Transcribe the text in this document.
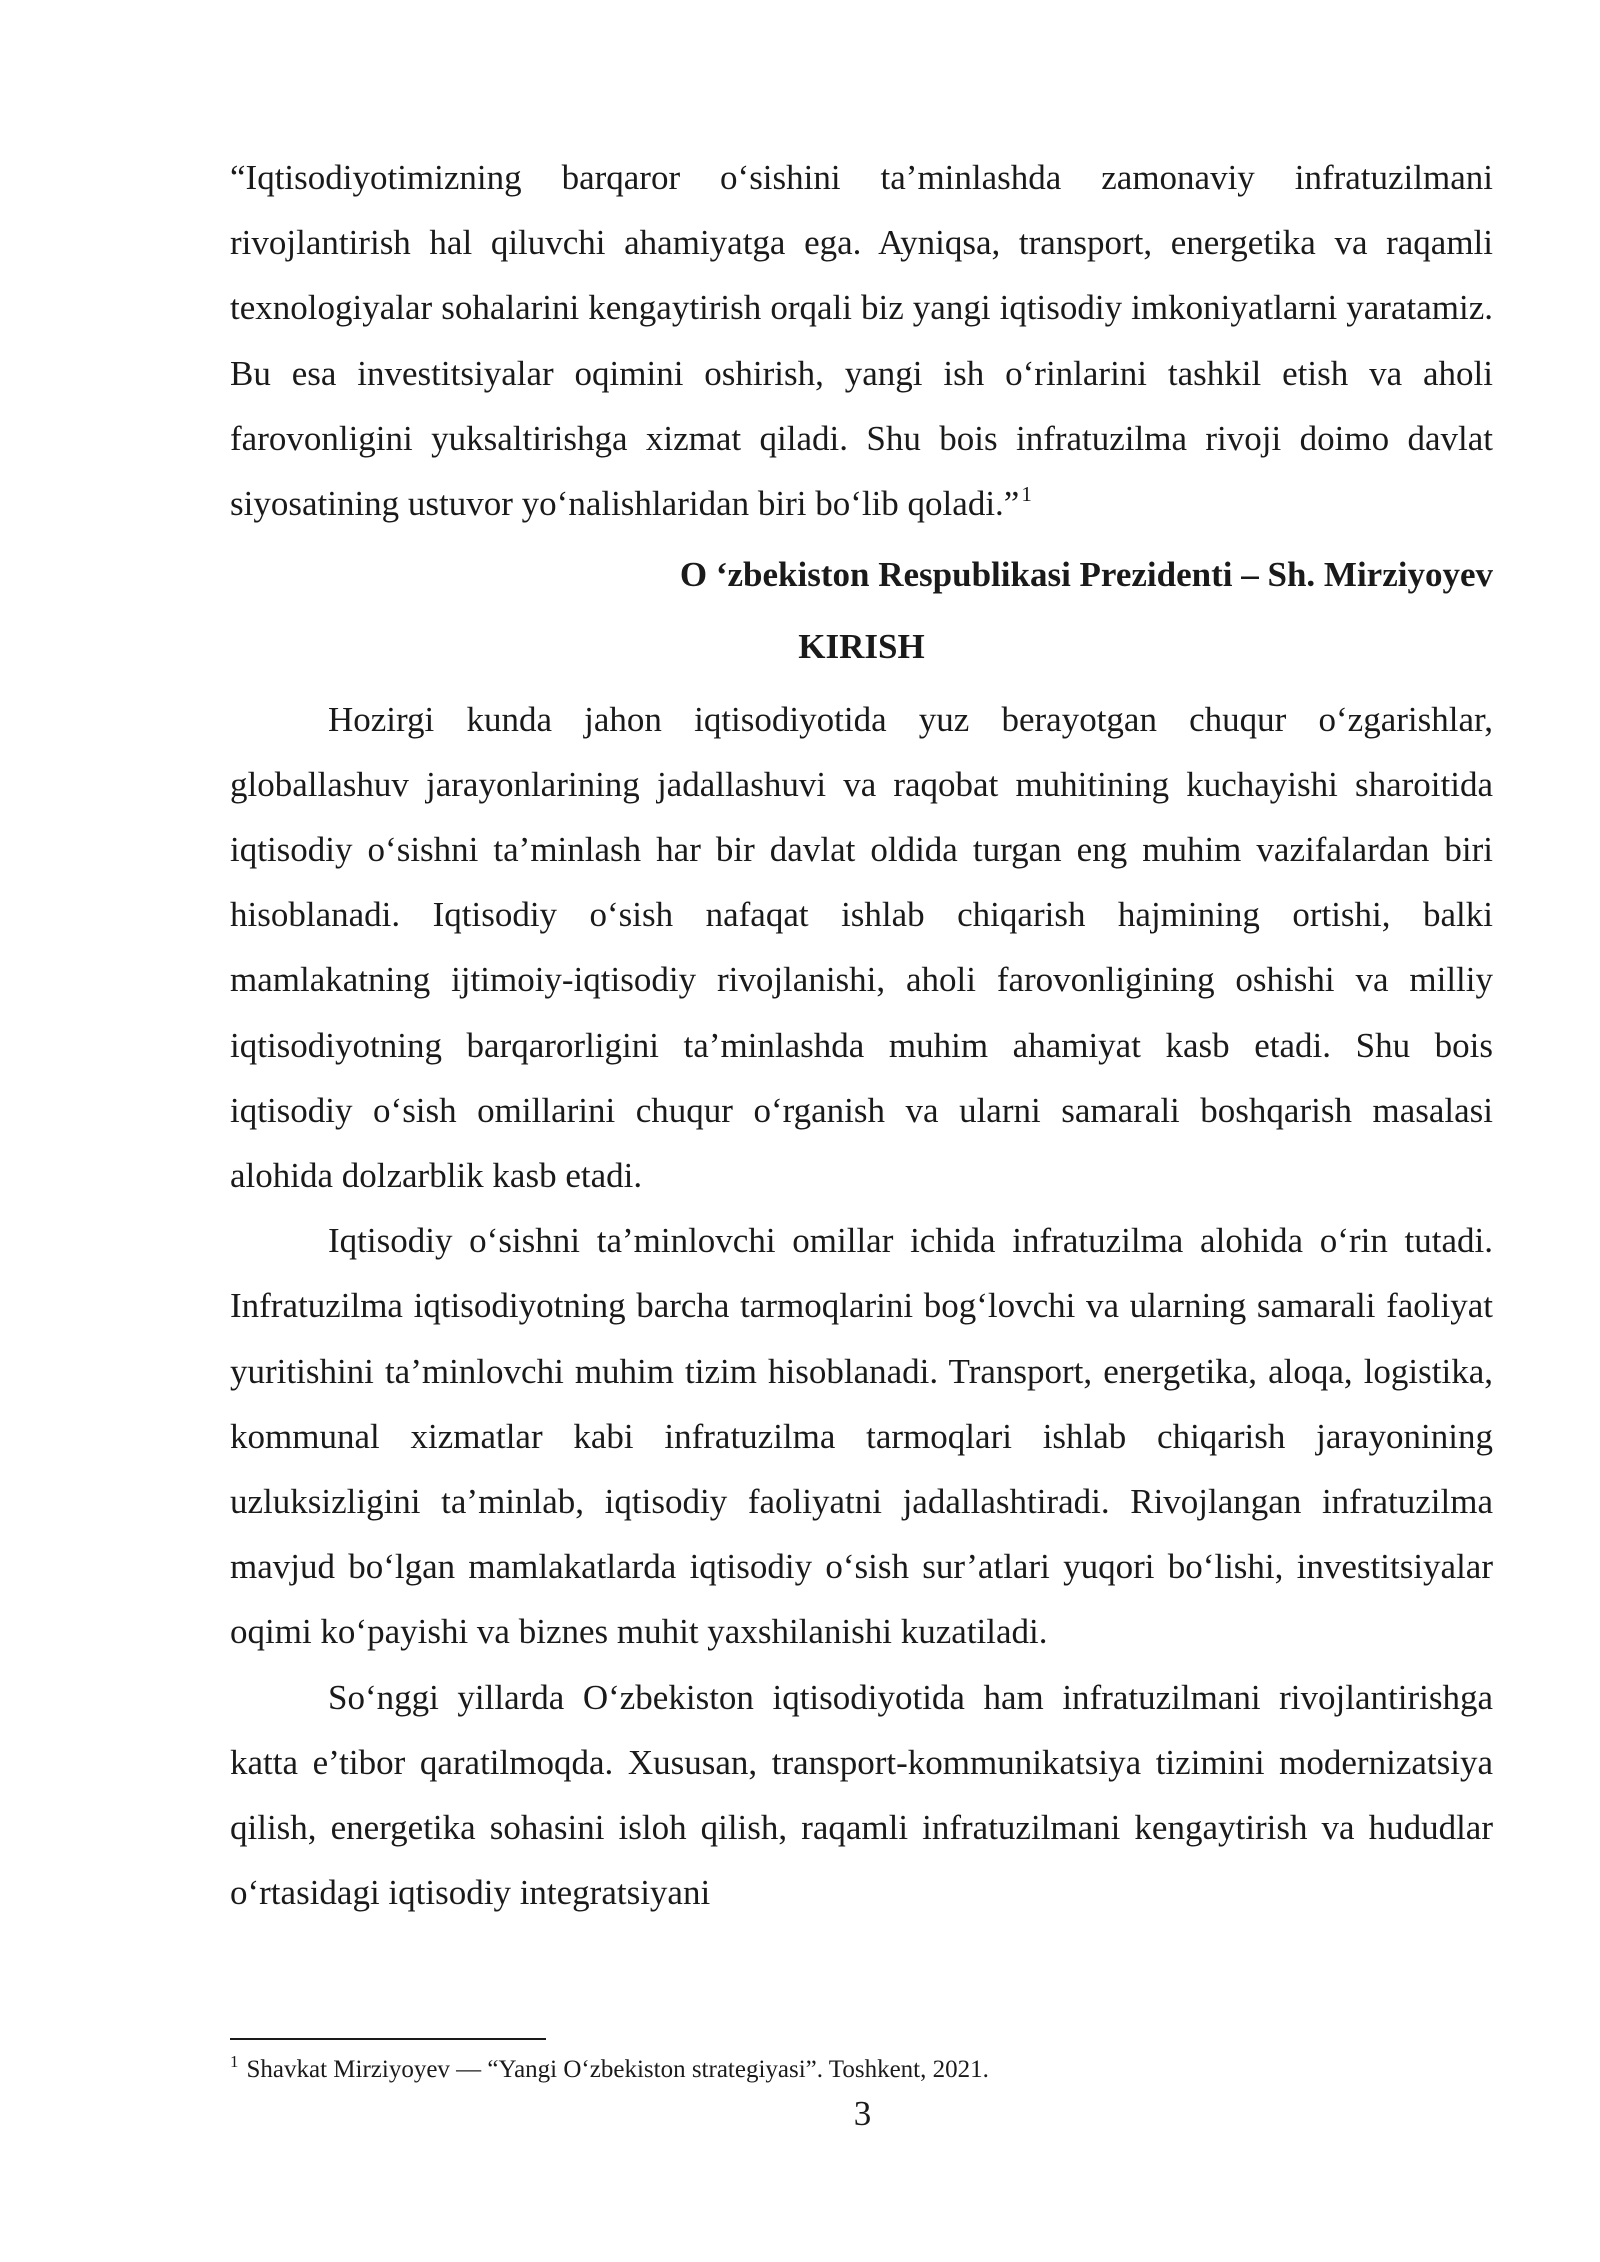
“Iqtisodiyotimizning barqaror o‘sishini ta’minlashda zamonaviy infratuzilmani rivojlantirish hal qiluvchi ahamiyatga ega. Ayniqsa, transport, energetika va raqamli texnologiyalar sohalarini kengaytirish orqali biz yangi iqtisodiy imkoniyatlarni yaratamiz. Bu esa investitsiyalar oqimini oshirish, yangi ish o‘rinlarini tashkil etish va aholi farovonligini yuksaltirishga xizmat qiladi. Shu bois infratuzilma rivoji doimo davlat siyosatining ustuvor yo‘nalishlaridan biri bo‘lib qoladi.”$^1$

O ‘zbekiston Respublikasi Prezidenti – Sh. Mirziyoyev

KIRISH

Hozirgi kunda jahon iqtisodiyotida yuz berayotgan chuqur o‘zgarishlar, globallashuv jarayonlarining jadallashuvi va raqobat muhitining kuchayishi sharoitida iqtisodiy o‘sishni ta’minlash har bir davlat oldida turgan eng muhim vazifalardan biri hisoblanadi. Iqtisodiy o‘sish nafaqat ishlab chiqarish hajmining ortishi, balki mamlakatning ijtimoiy-iqtisodiy rivojlanishi, aholi farovonligining oshishi va milliy iqtisodiyotning barqarorligini ta’minlashda muhim ahamiyat kasb etadi. Shu bois iqtisodiy o‘sish omillarini chuqur o‘rganish va ularni samarali boshqarish masalasi alohida dolzarblik kasb etadi.

Iqtisodiy o‘sishni ta’minlovchi omillar ichida infratuzilma alohida o‘rin tutadi. Infratuzilma iqtisodiyotning barcha tarmoqlarini bog‘lovchi va ularning samarali faoliyat yuritishini ta’minlovchi muhim tizim hisoblanadi. Transport, energetika, aloqa, logistika, kommunal xizmatlar kabi infratuzilma tarmoqlari ishlab chiqarish jarayonining uzluksizligini ta’minlab, iqtisodiy faoliyatni jadallashtiradi. Rivojlangan infratuzilma mavjud bo‘lgan mamlakatlarda iqtisodiy o‘sish sur’atlari yuqori bo‘lishi, investitsiyalar oqimi ko‘payishi va biznes muhit yaxshilanishi kuzatiladi.

So‘nggi yillarda O‘zbekiston iqtisodiyotida ham infratuzilmani rivojlantirishga katta e’tibor qaratilmoqda. Xususan, transport-kommunikatsiya tizimini modernizatsiya qilish, energetika sohasini isloh qilish, raqamli infratuzilmani kengaytirish va hududlar o‘rtasidagi iqtisodiy integratsiyani

$^1$ Shavkat Mirziyoyev — “Yangi O‘zbekiston strategiyasi”. Toshkent, 2021.
3
